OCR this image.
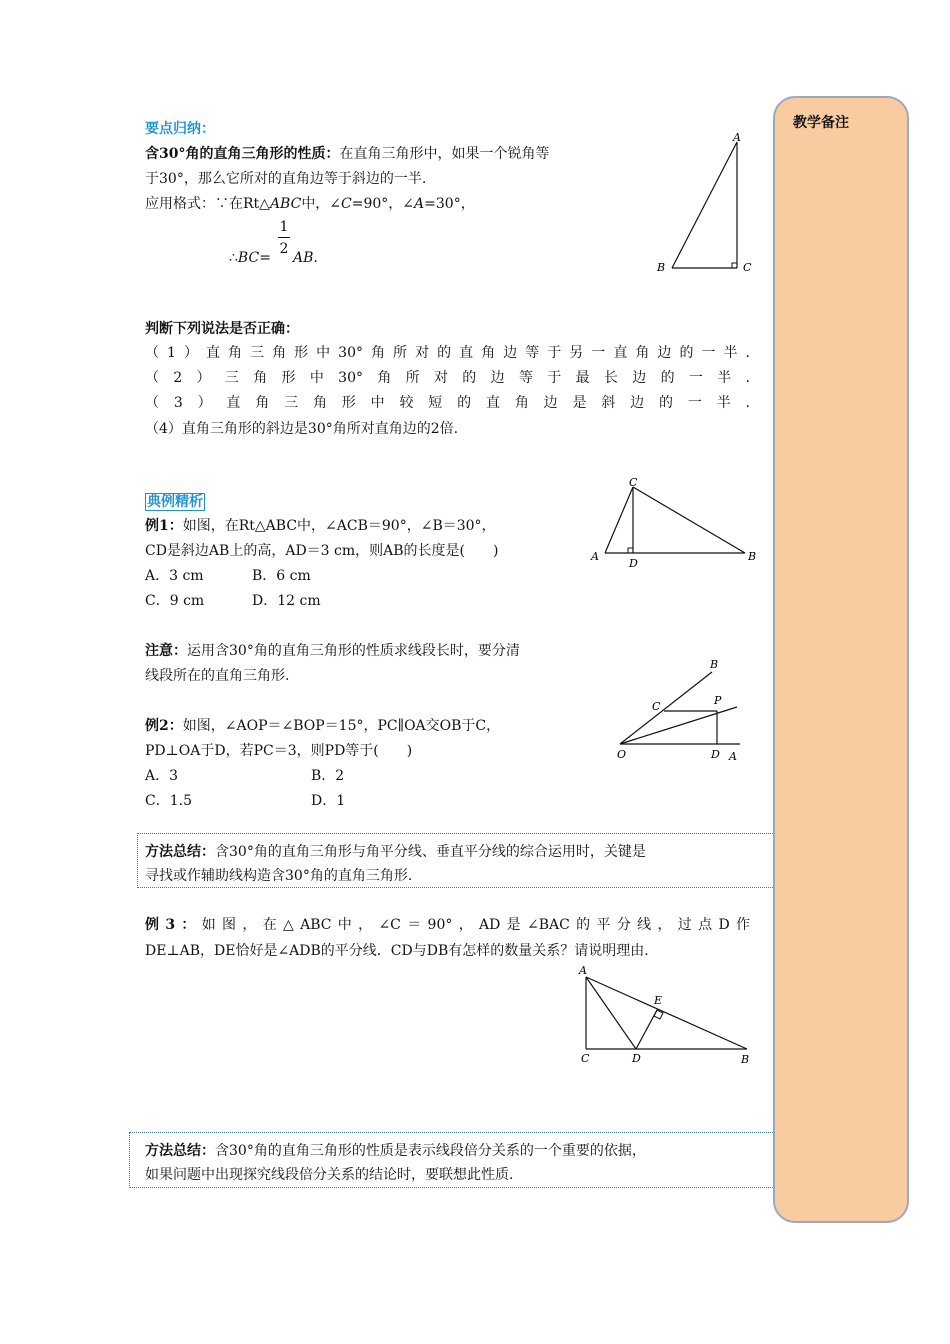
教学备注
要点归纳：
含30°角的直角三角形的性质：在直角三角形中，如果一个锐角等
于30°，那么它所对的直角边等于斜边的一半.
应用格式：∵在Rt△ABC中，∠C=90°，∠A=30°，
∴BC=
1
2
AB.
A
B	C
判断下列说法是否正确：
（1）直角三角形中30°角所对的直角边等于另一直角边的一半.
（2）三角形中30°角所对的边等于最长边的一半.
（3）直角三角形中较短的直角边是斜边的一半.
（4）直角三角形的斜边是30°角所对直角边的2倍.
典例精析
例1：如图，在Rt△ABC中，∠ACB＝90°，∠B＝30°，
CD是斜边AB上的高，AD＝3 cm，则AB的长度是(　　)
A．3 cm	B．6 cm
C．9 cm	D．12 cm
C
A
D
B
注意：运用含30°角的直角三角形的性质求线段长时，要分清
线段所在的直角三角形.
例2：如图，∠AOP＝∠BOP＝15°，PC∥OA交OB于C，
PD⊥OA于D，若PC＝3，则PD等于(　　)
A．3	B．2
C．1.5	D．1
B
C	P
O	D A
方法总结：含30°角的直角三角形与角平分线、垂直平分线的综合运用时，关键是
寻找或作辅助线构造含30°角的直角三角形.
例3：如图，在△ABC中，∠C＝90°，AD是∠BAC的平分线，过点D作
DE⊥AB，DE恰好是∠ADB的平分线．CD与DB有怎样的数量关系？请说明理由.
A
E
C	D	B
方法总结：含30°角的直角三角形的性质是表示线段倍分关系的一个重要的依据，
如果问题中出现探究线段倍分关系的结论时，要联想此性质.
